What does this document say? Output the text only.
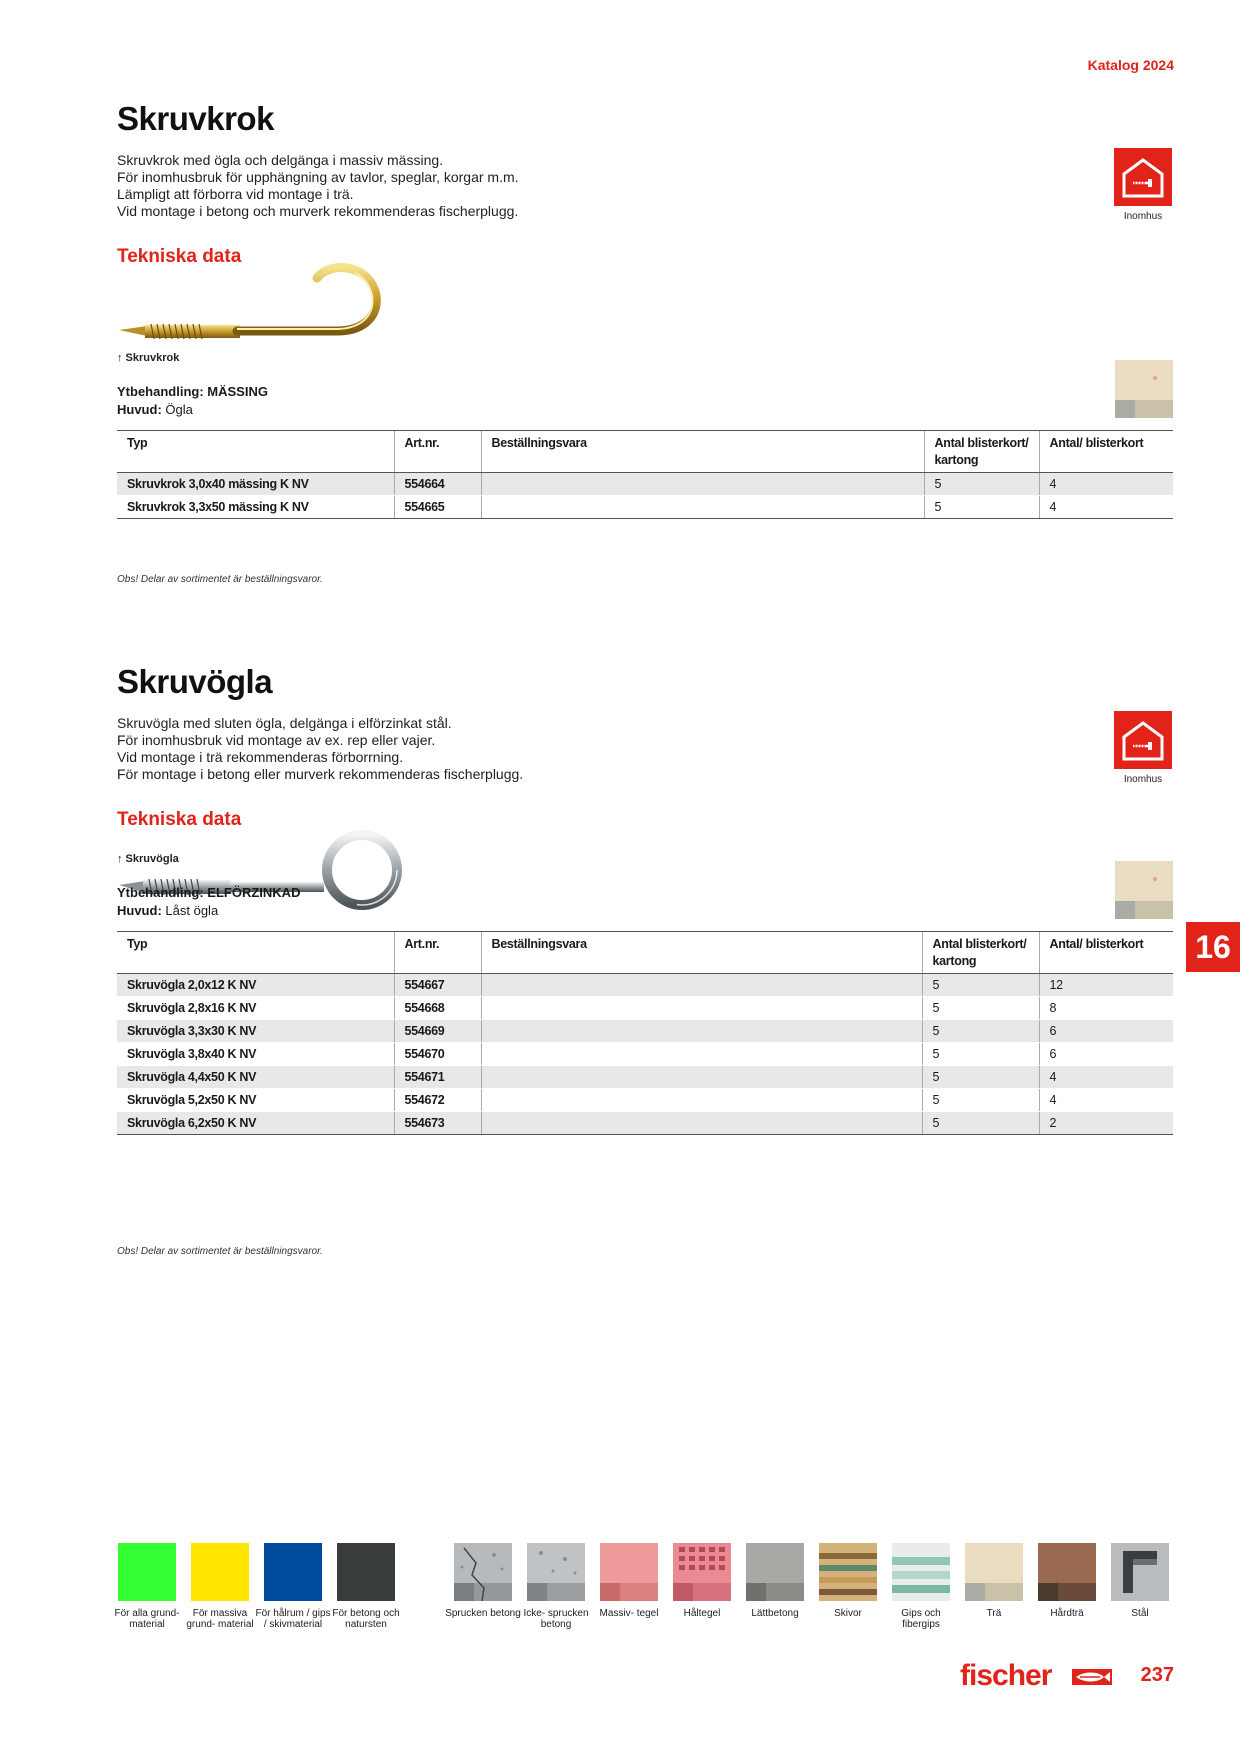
Katalog 2024
Skruvkrok
Skruvkrok med ögla och delgänga i massiv mässing.
För inomhusbruk för upphängning av tavlor, speglar, korgar m.m.
Lämpligt att förborra vid montage i trä.
Vid montage i betong och murverk rekommenderas fischerplugg.
Tekniska data
Inomhus
↑ Skruvkrok
Ytbehandling: MÄSSING
Huvud: Ögla
Typ	Art.nr.	Beställningsvara	Antal blisterkort/ kartong	Antal/ blisterkort
Skruvkrok 3,0x40 mässing K NV	554664		5	4
Skruvkrok 3,3x50 mässing K NV	554665		5	4
Obs! Delar av sortimentet är beställningsvaror.
Skruvögla
Skruvögla med sluten ögla, delgänga i elförzinkat stål.
För inomhusbruk vid montage av ex. rep eller vajer.
Vid montage i trä rekommenderas förborrning.
För montage i betong eller murverk rekommenderas fischerplugg.
Tekniska data
Inomhus
↑ Skruvögla
Ytbehandling: ELFÖRZINKAD
Huvud: Låst ögla
Typ	Art.nr.	Beställningsvara	Antal blisterkort/ kartong	Antal/ blisterkort
Skruvögla 2,0x12 K NV	554667		5	12
Skruvögla 2,8x16 K NV	554668		5	8
Skruvögla 3,3x30 K NV	554669		5	6
Skruvögla 3,8x40 K NV	554670		5	6
Skruvögla 4,4x50 K NV	554671		5	4
Skruvögla 5,2x50 K NV	554672		5	4
Skruvögla 6,2x50 K NV	554673		5	2
Obs! Delar av sortimentet är beställningsvaror.
16
För alla grund- material
För massiva grund- material
För hålrum / gips / skivmaterial
För betong och natursten
Sprucken betong Icke- sprucken betong
Massiv- tegel	Håltegel	Lättbetong	Skivor	Gips och fibergips
Trä	Hårdträ	Stål
fischer	237
